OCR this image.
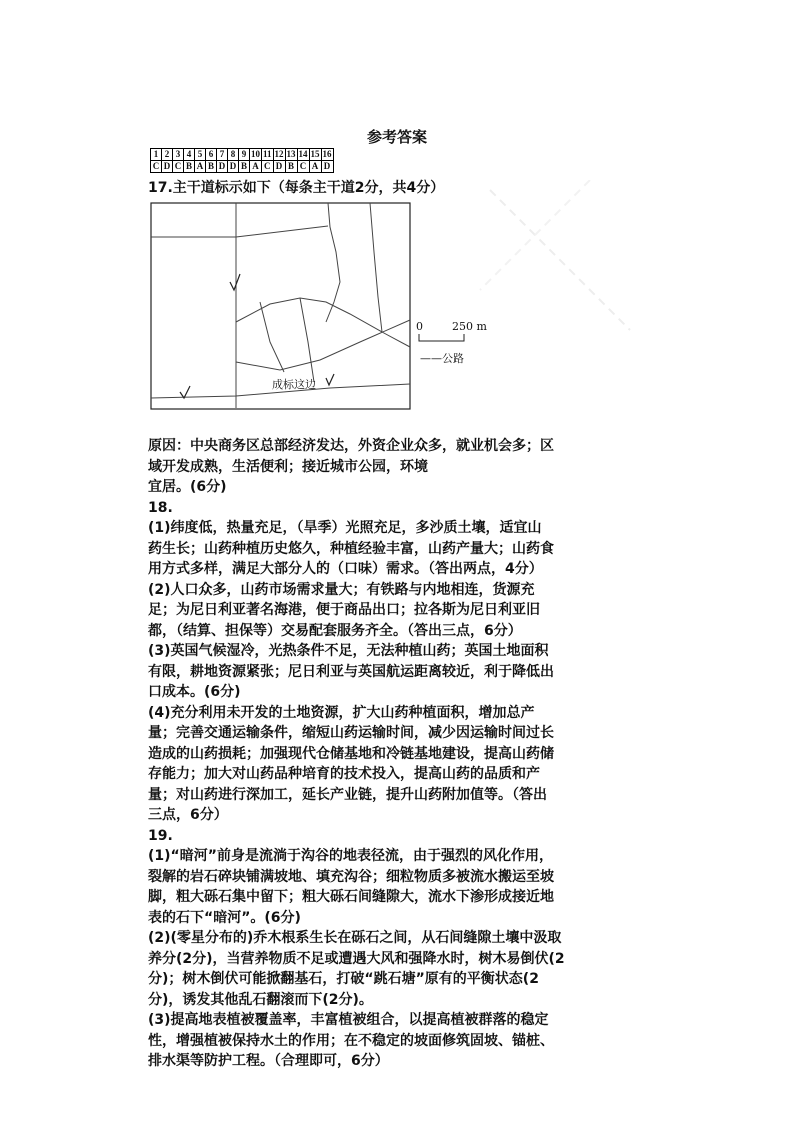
参考答案
1	2	3	4	5	6	7	8	9	10	11	12	13	14	15	16
C	D	C	B	A	B	D	D	B	A	C	D	B	C	A	D
17.主干道标示如下（每条主干道2分，共4分）
0	250 m
——公路
成标这边

原因：中央商务区总部经济发达，外资企业众多，就业机会多；区

域开发成熟，生活便利；接近城市公园，环境

宜居。(6分)

18.

(1)纬度低，热量充足，（旱季）光照充足，多沙质土壤，适宜山

药生长；山药种植历史悠久，种植经验丰富，山药产量大；山药食

用方式多样，满足大部分人的（口味）需求。（答出两点，4分）

(2)人口众多，山药市场需求量大；有铁路与内地相连，货源充

足；为尼日利亚著名海港，便于商品出口；拉各斯为尼日利亚旧

都，（结算、担保等）交易配套服务齐全。（答出三点，6分）

(3)英国气候湿冷，光热条件不足，无法种植山药；英国土地面积

有限，耕地资源紧张；尼日利亚与英国航运距离较近，利于降低出

口成本。(6分)

(4)充分利用未开发的土地资源，扩大山药种植面积，增加总产

量；完善交通运输条件，缩短山药运输时间，减少因运输时间过长

造成的山药损耗；加强现代仓储基地和冷链基地建设，提高山药储

存能力；加大对山药品种培育的技术投入，提高山药的品质和产

量；对山药进行深加工，延长产业链，提升山药附加值等。（答出

三点，6分）

19.

(1)“暗河”前身是流淌于沟谷的地表径流，由于强烈的风化作用，

裂解的岩石碎块铺满坡地、填充沟谷；细粒物质多被流水搬运至坡

脚，粗大砾石集中留下；粗大砾石间缝隙大，流水下渗形成接近地

表的石下“暗河”。(6分)

(2)(零星分布的)乔木根系生长在砾石之间，从石间缝隙土壤中汲取

养分(2分)，当营养物质不足或遭遇大风和强降水时，树木易倒伏(2

分)；树木倒伏可能掀翻基石，打破“跳石塘”原有的平衡状态(2

分)，诱发其他乱石翻滚而下(2分)。

(3)提高地表植被覆盖率，丰富植被组合，以提高植被群落的稳定

性，增强植被保持水土的作用；在不稳定的坡面修筑固坡、锚桩、

排水渠等防护工程。（合理即可，6分）
